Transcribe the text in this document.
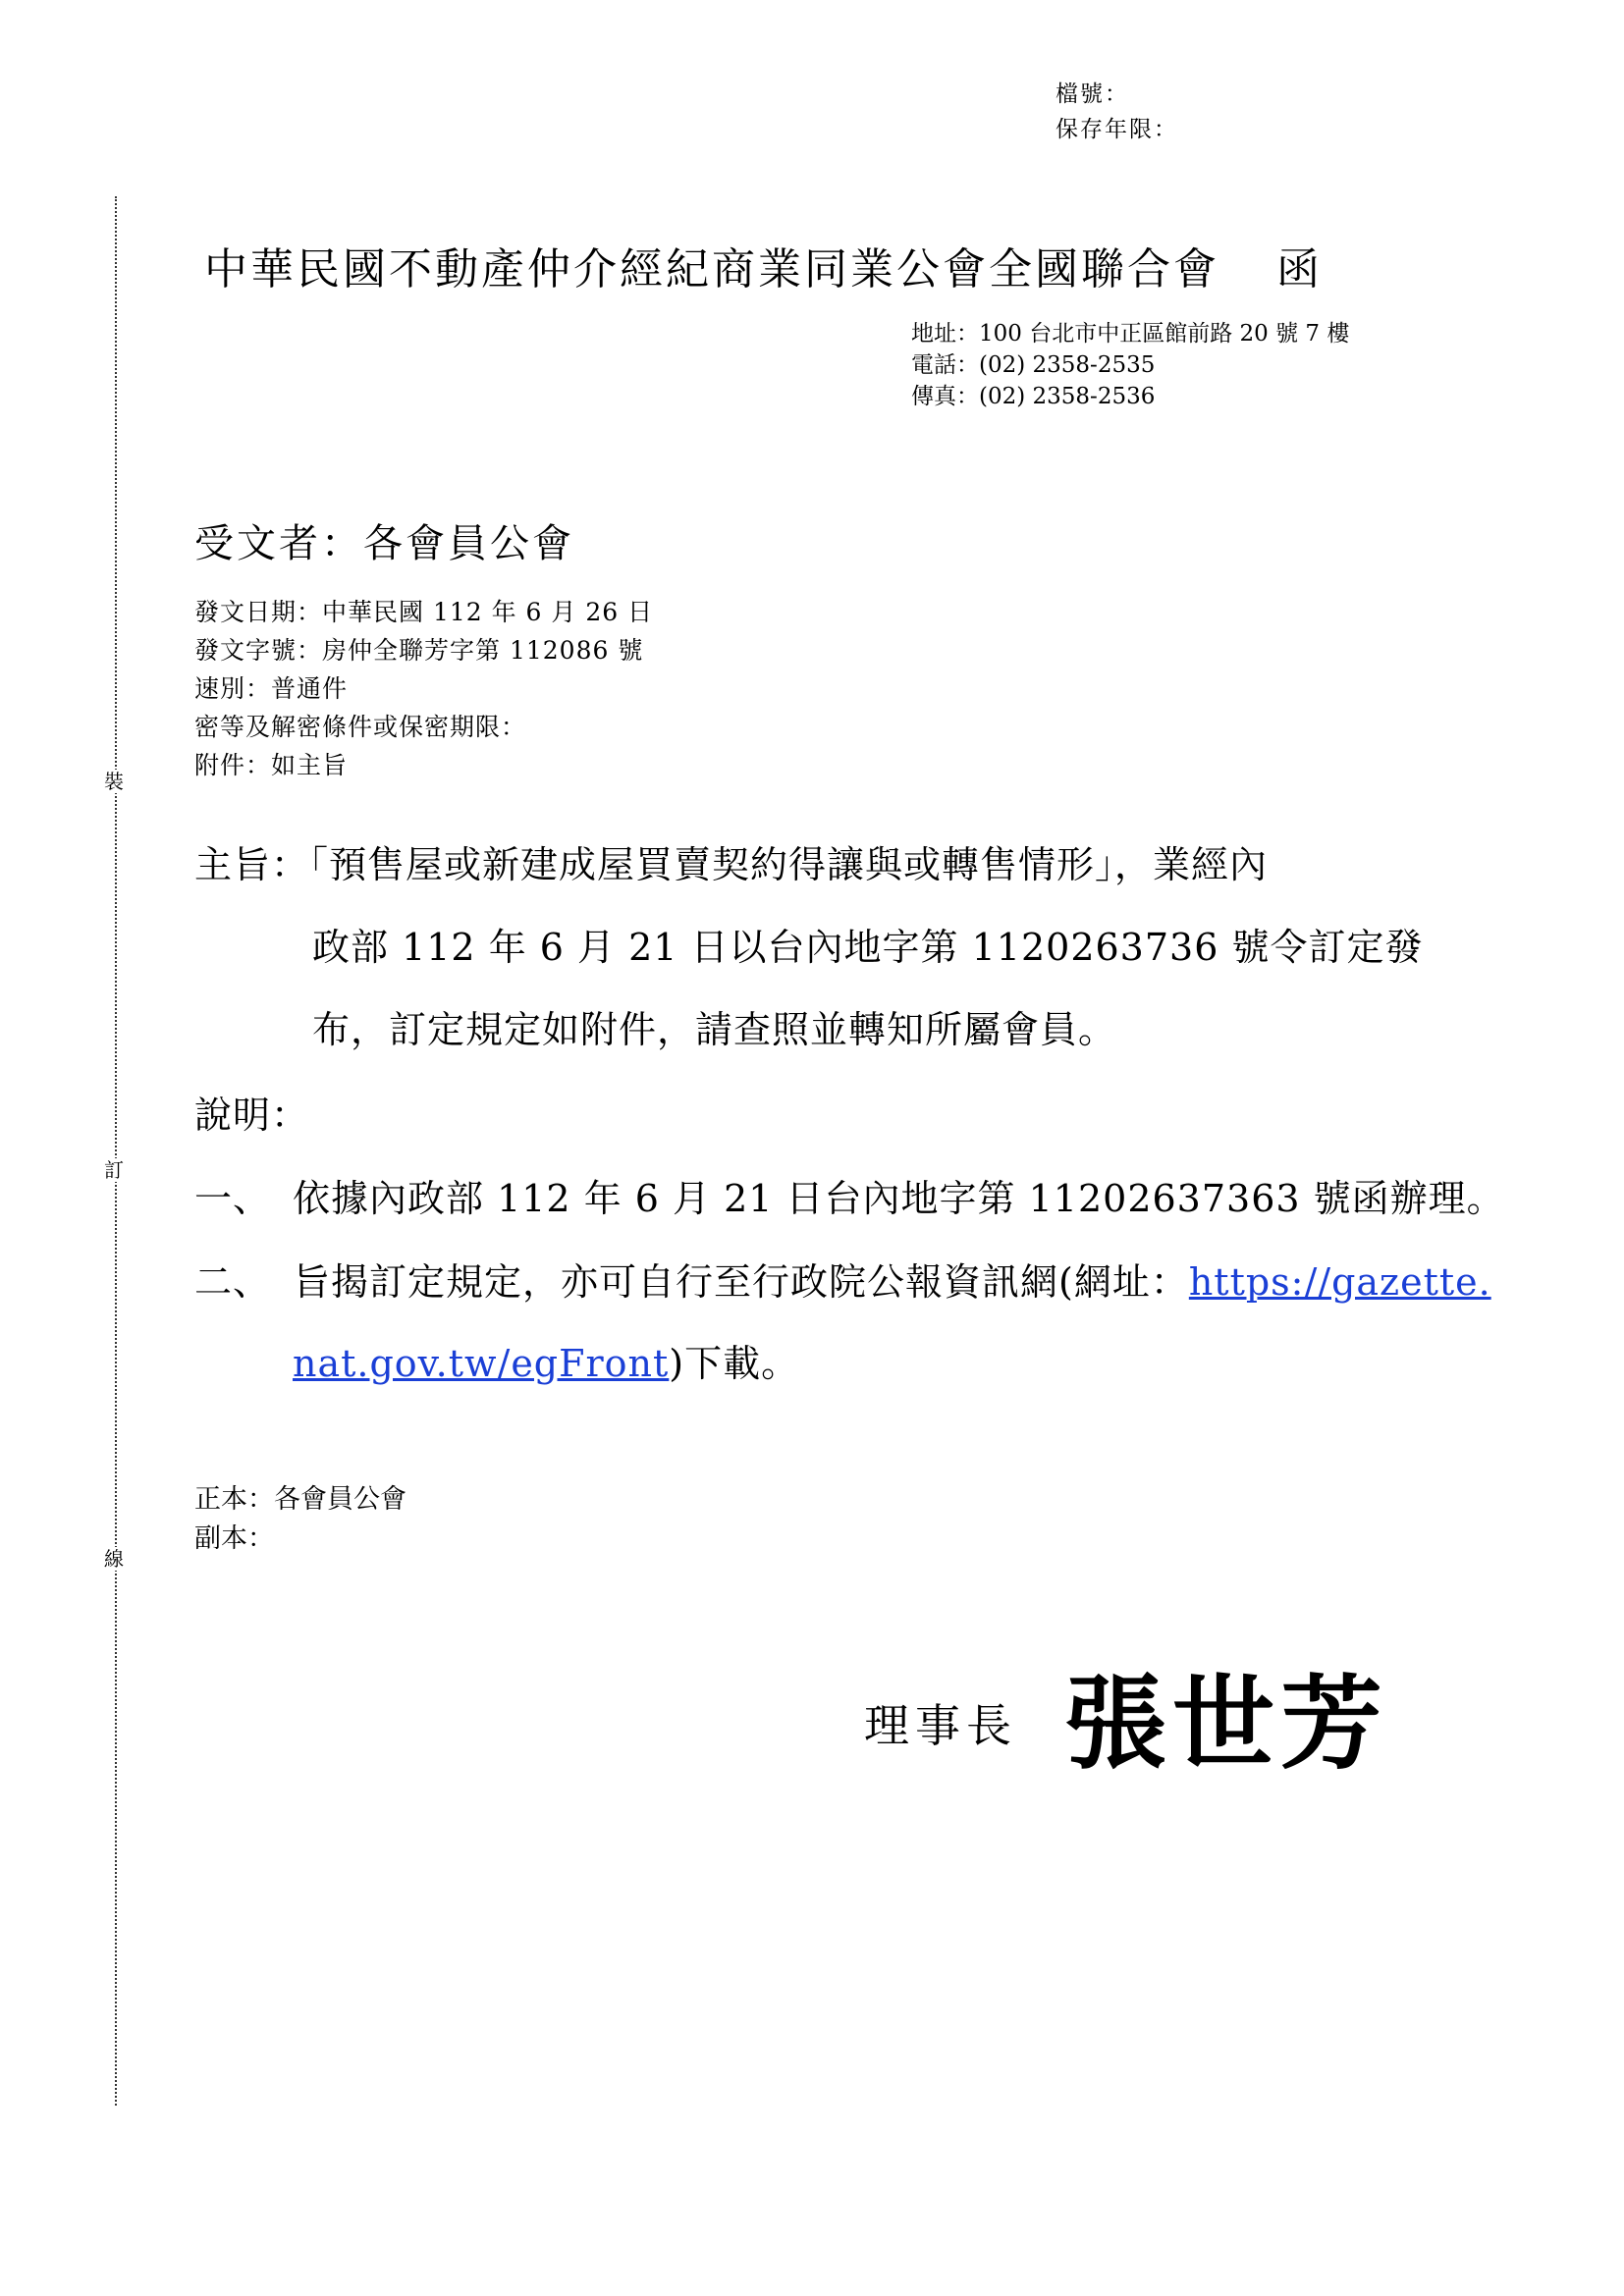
檔號：
保存年限：
裝
訂
線
中華民國不動產仲介經紀商業同業公會全國聯合會 函
地址：100 台北市中正區館前路 20 號 7 樓
電話：(02) 2358-2535
傳真：(02) 2358-2536
受文者：各會員公會
發文日期：中華民國 112 年 6 月 26 日
發文字號：房仲全聯芳字第 112086 號
速別：普通件
密等及解密條件或保密期限：
附件：如主旨
主旨：「預售屋或新建成屋買賣契約得讓與或轉售情形」，業經內
政部 112 年 6 月 21 日以台內地字第 1120263736 號令訂定發
布，訂定規定如附件，請查照並轉知所屬會員。
說明：
一、 依據內政部 112 年 6 月 21 日台內地字第 11202637363 號函辦理。
二、 旨揭訂定規定，亦可自行至行政院公報資訊網(網址：https://gazette.
nat.gov.tw/egFront)下載。
正本：各會員公會
副本：
理事長 張世芳
